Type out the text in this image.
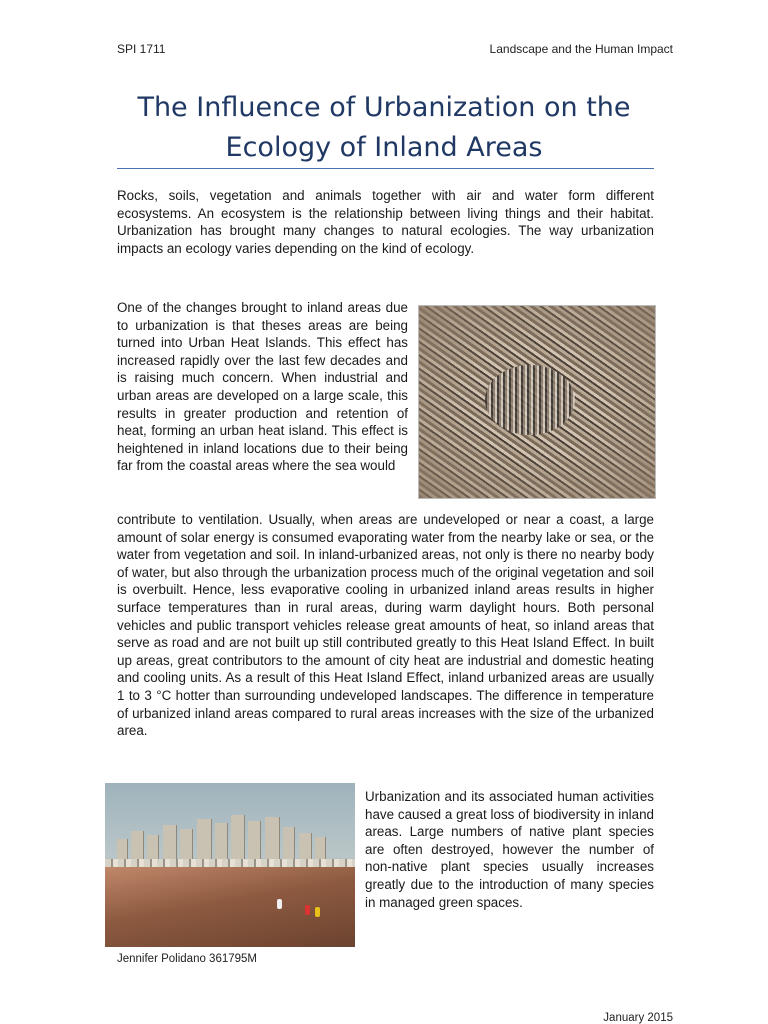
SPI 1711	Landscape and the Human Impact
The Influence of Urbanization on the Ecology of Inland Areas

Rocks, soils, vegetation and animals together with air and water form different ecosystems. An ecosystem is the relationship between living things and their habitat. Urbanization has brought many changes to natural ecologies. The way urbanization impacts an ecology varies depending on the kind of ecology.

One of the changes brought to inland areas due to urbanization is that theses areas are being turned into Urban Heat Islands. This effect has increased rapidly over the last few decades and is raising much concern. When industrial and urban areas are developed on a large scale, this results in greater production and retention of heat, forming an urban heat island. This effect is heightened in inland locations due to their being far from the coastal areas where the sea would

contribute to ventilation. Usually, when areas are undeveloped or near a coast, a large amount of solar energy is consumed evaporating water from the nearby lake or sea, or the water from vegetation and soil. In inland-urbanized areas, not only is there no nearby body of water, but also through the urbanization process much of the original vegetation and soil is overbuilt. Hence, less evaporative cooling in urbanized inland areas results in higher surface temperatures than in rural areas, during warm daylight hours. Both personal vehicles and public transport vehicles release great amounts of heat, so inland areas that serve as road and are not built up still contributed greatly to this Heat Island Effect. In built up areas, great contributors to the amount of city heat are industrial and domestic heating and cooling units. As a result of this Heat Island Effect, inland urbanized areas are usually 1 to 3 °C hotter than surrounding undeveloped landscapes. The difference in temperature of urbanized inland areas compared to rural areas increases with the size of the urbanized area.

Urbanization and its associated human activities have caused a great loss of biodiversity in inland areas. Large numbers of native plant species are often destroyed, however the number of non-native plant species usually increases greatly due to the introduction of many species in managed green spaces.

Jennifer Polidano 361795M
January 2015
